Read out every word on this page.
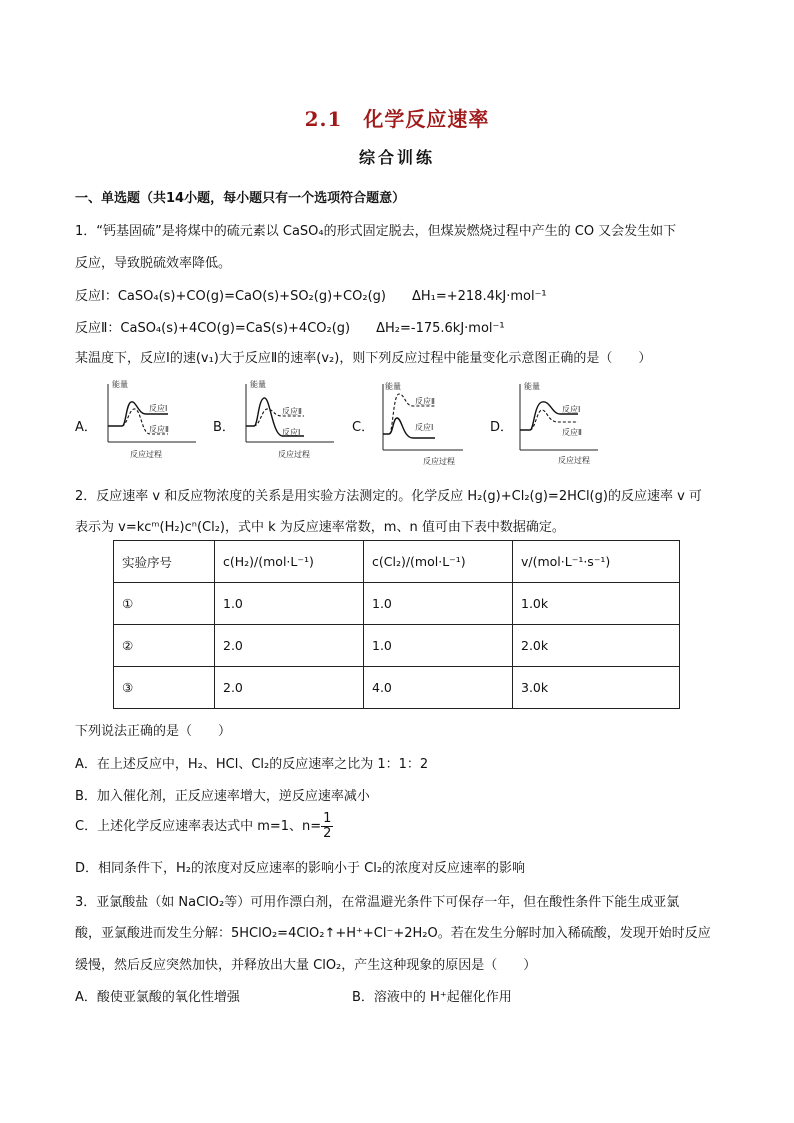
2.1　化学反应速率
综合训练
一、单选题（共14小题，每小题只有一个选项符合题意）
1．“钙基固硫”是将煤中的硫元素以 CaSO₄的形式固定脱去，但煤炭燃烧过程中产生的 CO 又会发生如下
反应，导致脱硫效率降低。
反应Ⅰ：CaSO₄(s)+CO(g)=CaO(s)+SO₂(g)+CO₂(g)  ΔH₁=+218.4kJ·mol⁻¹
反应Ⅱ：CaSO₄(s)+4CO(g)=CaS(s)+4CO₂(g)  ΔH₂=-175.6kJ·mol⁻¹
某温度下，反应Ⅰ的速(v₁)大于反应Ⅱ的速率(v₂)，则下列反应过程中能量变化示意图正确的是（　　）
A．
能量
反应Ⅰ
反应Ⅱ
反应过程
B．
能量
反应Ⅱ
反应Ⅰ
反应过程
C．
能量
反应Ⅱ
反应Ⅰ
反应过程
D．
能量
反应Ⅰ
反应Ⅱ
反应过程
2．反应速率 v 和反应物浓度的关系是用实验方法测定的。化学反应 H₂(g)+Cl₂(g)=2HCl(g)的反应速率 v 可
表示为 v=kcᵐ(H₂)cⁿ(Cl₂)，式中 k 为反应速率常数，m、n 值可由下表中数据确定。
实验序号	c(H₂)/(mol·L⁻¹)	c(Cl₂)/(mol·L⁻¹)	v/(mol·L⁻¹·s⁻¹)
①	1.0	1.0	1.0k
②	2.0	1.0	2.0k
③	2.0	4.0	3.0k
下列说法正确的是（　　）
A．在上述反应中，H₂、HCl、Cl₂的反应速率之比为 1：1：2
B．加入催化剂，正反应速率增大，逆反应速率减小
C．上述化学反应速率表达式中 m=1、$n= \frac{1}{2}$
D．相同条件下，H₂的浓度对反应速率的影响小于 Cl₂的浓度对反应速率的影响
3．亚氯酸盐（如 NaClO₂等）可用作漂白剂，在常温避光条件下可保存一年，但在酸性条件下能生成亚氯
酸，亚氯酸进而发生分解：5HClO₂=4ClO₂↑+H⁺+Cl⁻+2H₂O。若在发生分解时加入稀硫酸，发现开始时反应
缓慢，然后反应突然加快，并释放出大量 ClO₂，产生这种现象的原因是（　　）
A．酸使亚氯酸的氧化性增强	B．溶液中的 H⁺起催化作用
